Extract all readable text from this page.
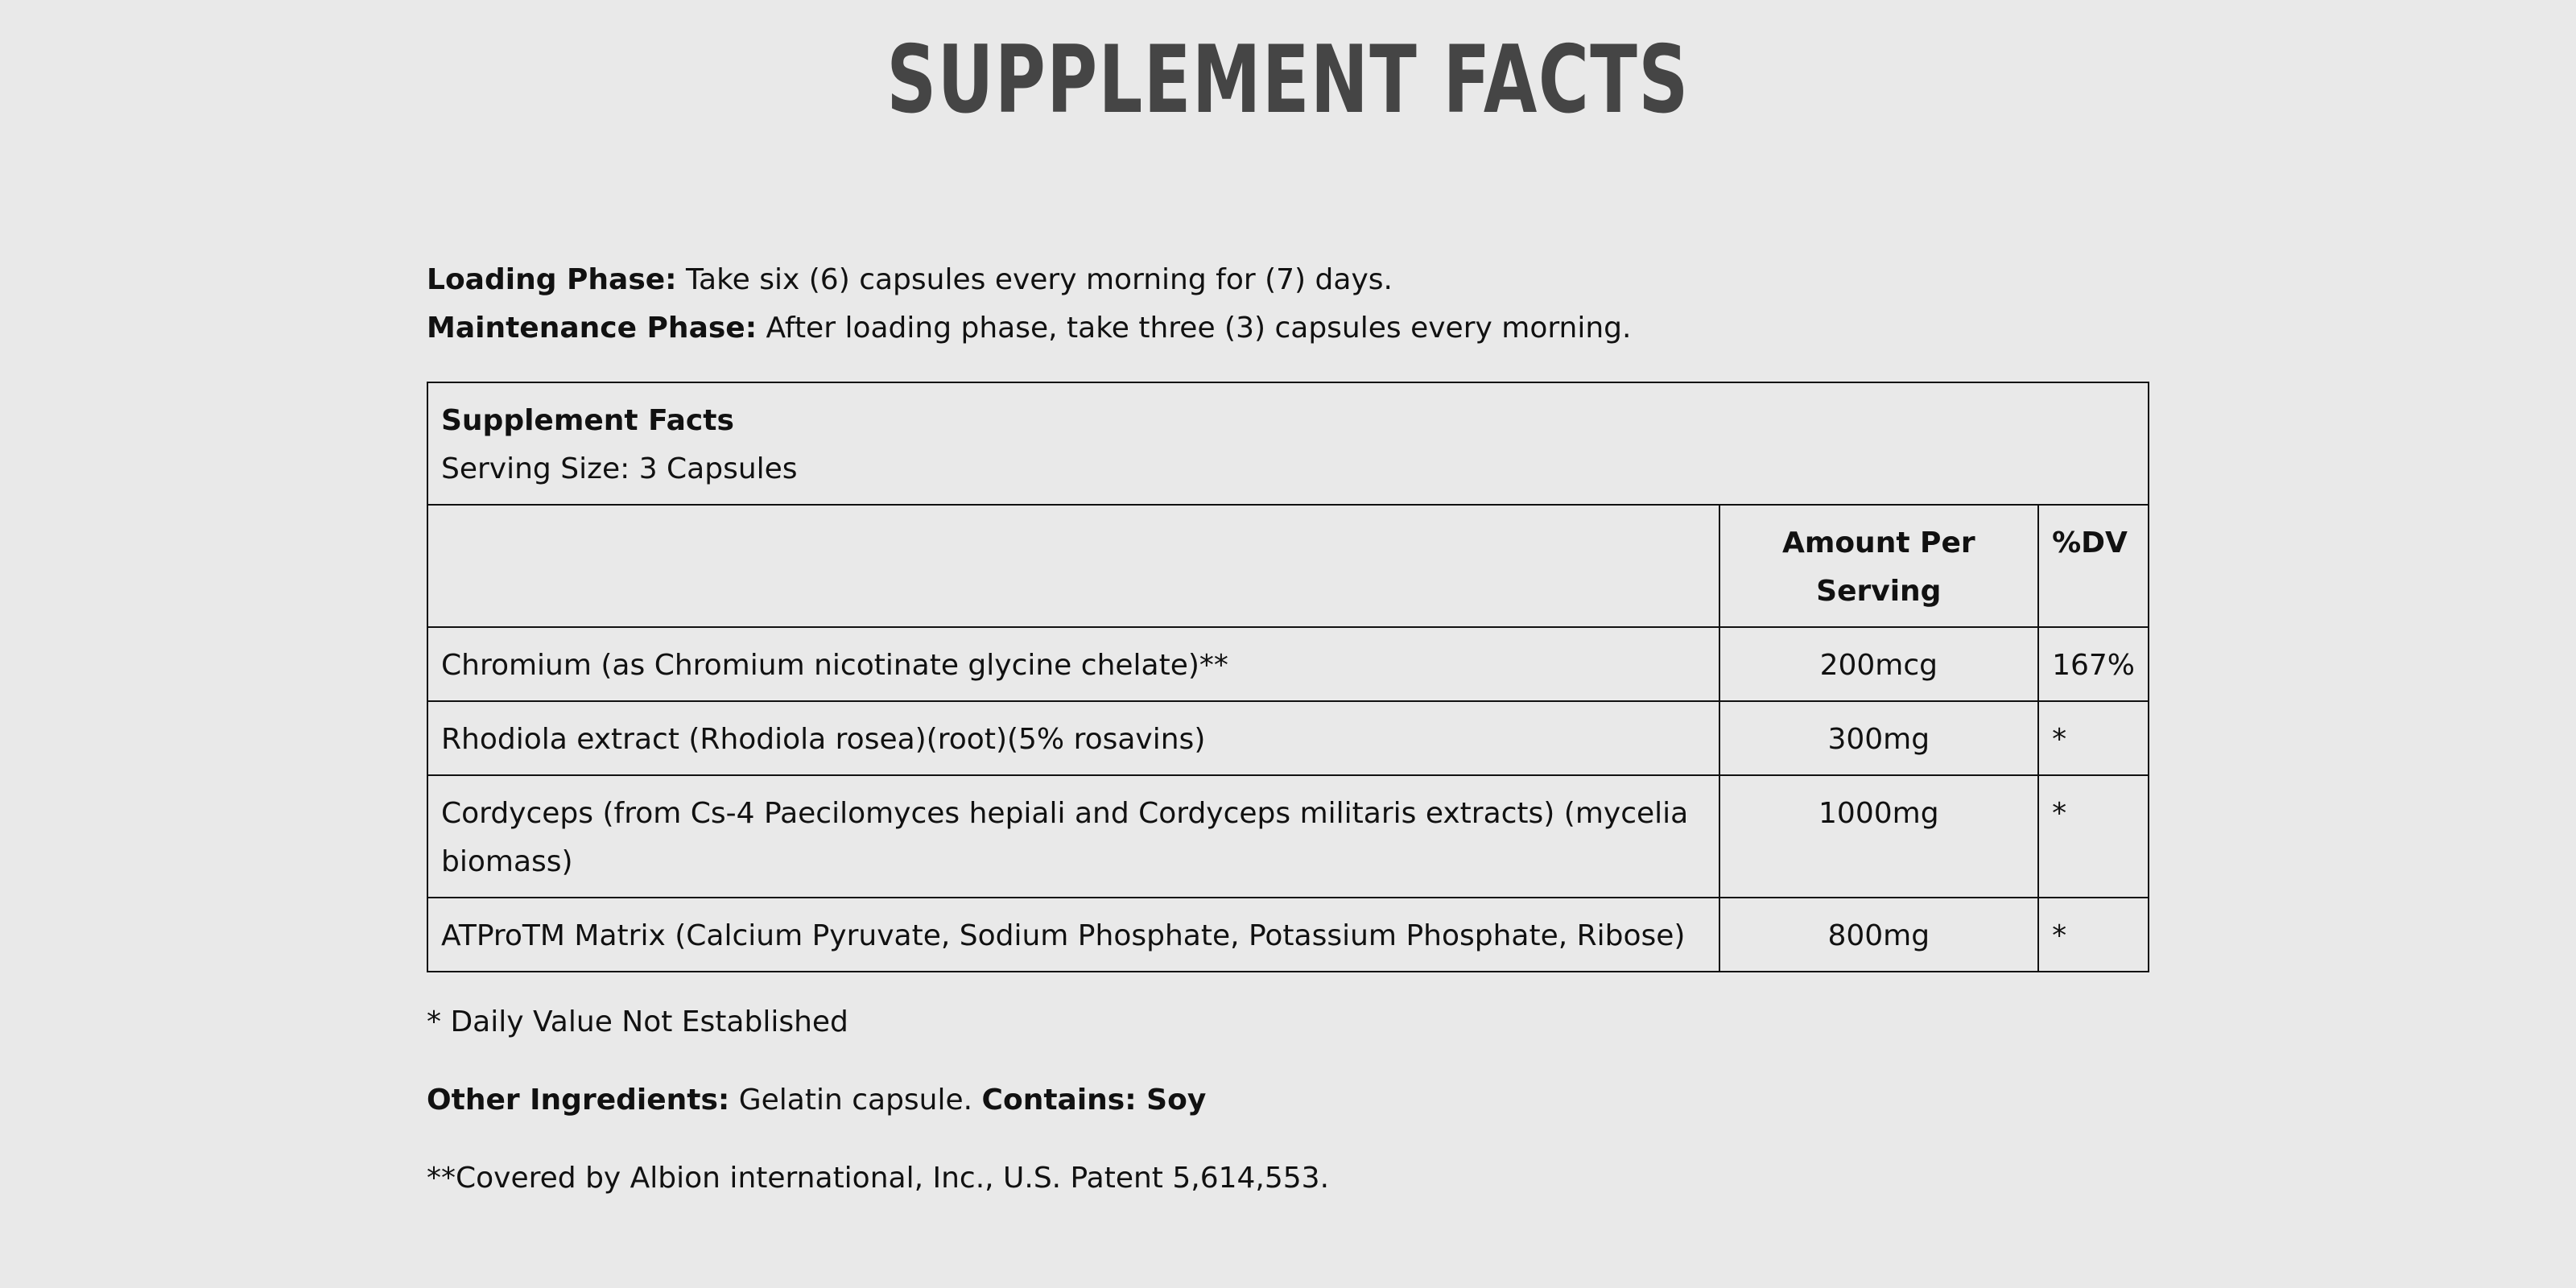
SUPPLEMENT FACTS

Loading Phase: Take six (6) capsules every morning for (7) days.

Maintenance Phase: After loading phase, take three (3) capsules every morning.

Supplement Facts
Serving Size: 3 Capsules		

	Amount Per Serving	%DV
Chromium (as Chromium nicotinate glycine chelate)**	200mcg	167%
Rhodiola extract (Rhodiola rosea)(root)(5% rosavins)	300mg	*
Cordyceps (from Cs-4 Paecilomyces hepiali and Cordyceps militaris extracts) (mycelia biomass)	1000mg	*
ATProTM Matrix (Calcium Pyruvate, Sodium Phosphate, Potassium Phosphate, Ribose)	800mg	*

* Daily Value Not Established

Other Ingredients: Gelatin capsule. Contains: Soy

**Covered by Albion international, Inc., U.S. Patent 5,614,553.
